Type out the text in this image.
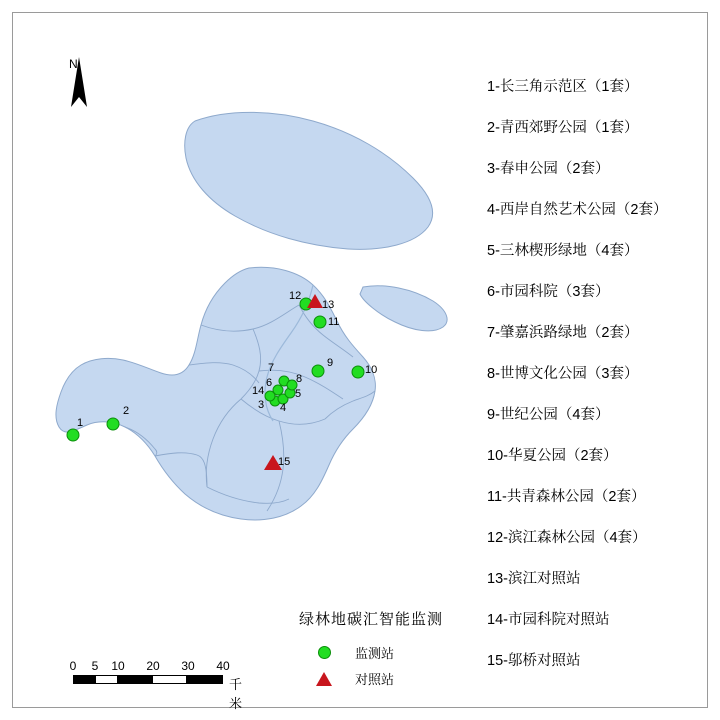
N
1
2	3 4
5
6
7
8
9
10
11
12
13
14
15
0 5 10 20 30 40
千米
绿林地碳汇智能监测
监测站
对照站
1-长三角示范区（1套）
2-青西郊野公园（1套）
3-春申公园（2套）
4-西岸自然艺术公园（2套）
5-三林楔形绿地（4套）
6-市园科院（3套）
7-肇嘉浜路绿地（2套）
8-世博文化公园（3套）
9-世纪公园（4套）
10-华夏公园（2套）
11-共青森林公园（2套）
12-滨江森林公园（4套）
13-滨江对照站
14-市园科院对照站
15-邬桥对照站
